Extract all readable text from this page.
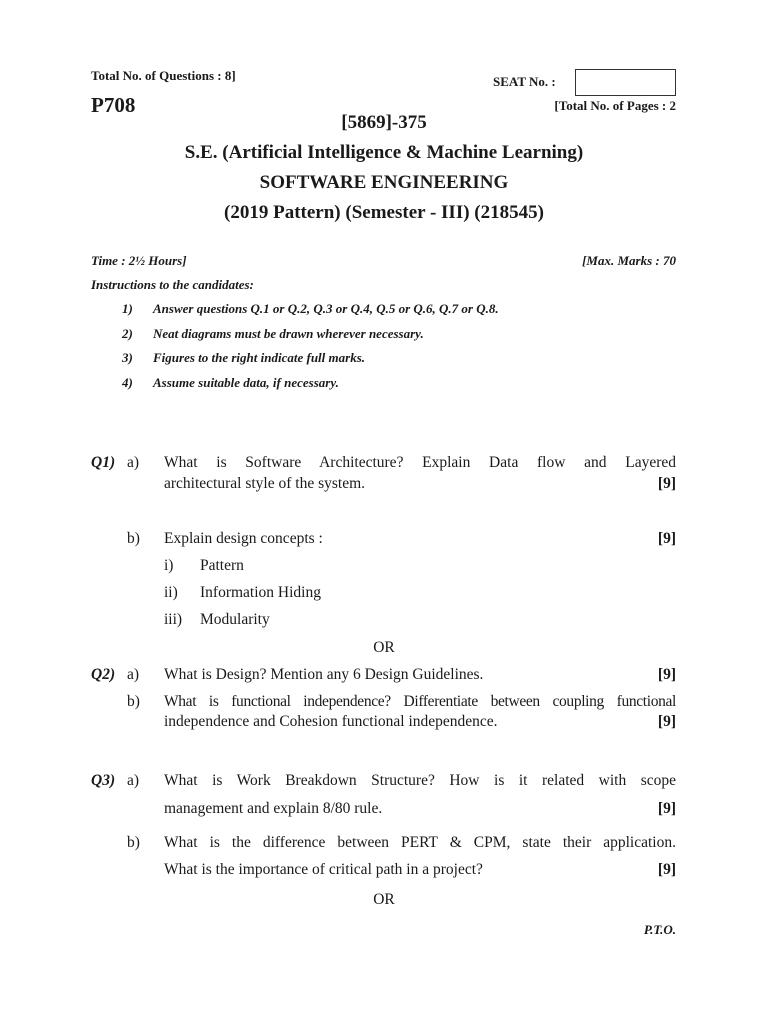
Total No. of Questions : 8]	SEAT No. :
P708	[Total No. of Pages : 2
[5869]-375
S.E. (Artificial Intelligence & Machine Learning)
SOFTWARE ENGINEERING
(2019 Pattern) (Semester - III) (218545)
Time : 2½ Hours]	[Max. Marks : 70
Instructions to the candidates:
1) Answer questions Q.1 or Q.2, Q.3 or Q.4, Q.5 or Q.6, Q.7 or Q.8.
2) Neat diagrams must be drawn wherever necessary.
3) Figures to the right indicate full marks.
4) Assume suitable data, if necessary.
Q1) a) What is Software Architecture? Explain Data flow and Layered
architectural style of the system.	[9]
b) Explain design concepts :	[9]
i) Pattern
ii) Information Hiding
iii) Modularity
OR
Q2) a) What is Design? Mention any 6 Design Guidelines.	[9]
b) What is functional independence? Differentiate between coupling functional
independence and Cohesion functional independence.	[9]
Q3) a) What is Work Breakdown Structure? How is it related with scope
management and explain 8/80 rule.	[9]
b) What is the difference between PERT & CPM, state their application.
What is the importance of critical path in a project?	[9]
OR
P.T.O.
